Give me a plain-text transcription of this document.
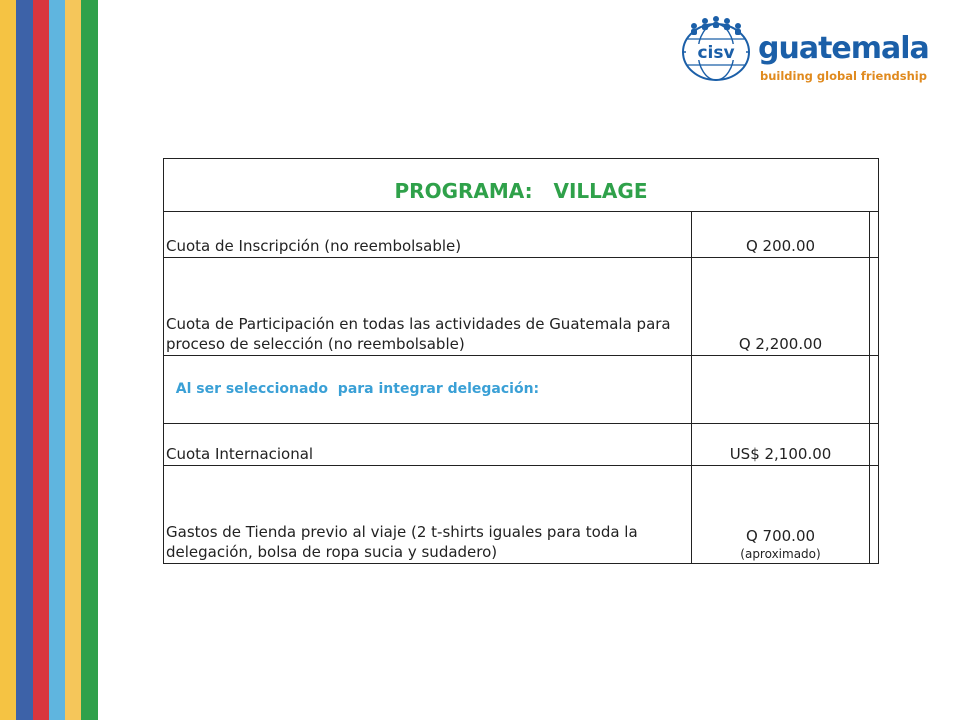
cisv guatemala
building global friendship
PROGRAMA:   VILLAGE
Cuota de Inscripción (no reembolsable)	Q 200.00	
Cuota de Participación en todas las actividades de Guatemala para proceso de selección (no reembolsable)	Q 2,200.00	
Al ser seleccionado  para integrar delegación:		
Cuota Internacional	US$ 2,100.00	
Gastos de Tienda previo al viaje (2 t-shirts iguales para toda la delegación, bolsa de ropa sucia y sudadero)	Q 700.00
(aproximado)	
